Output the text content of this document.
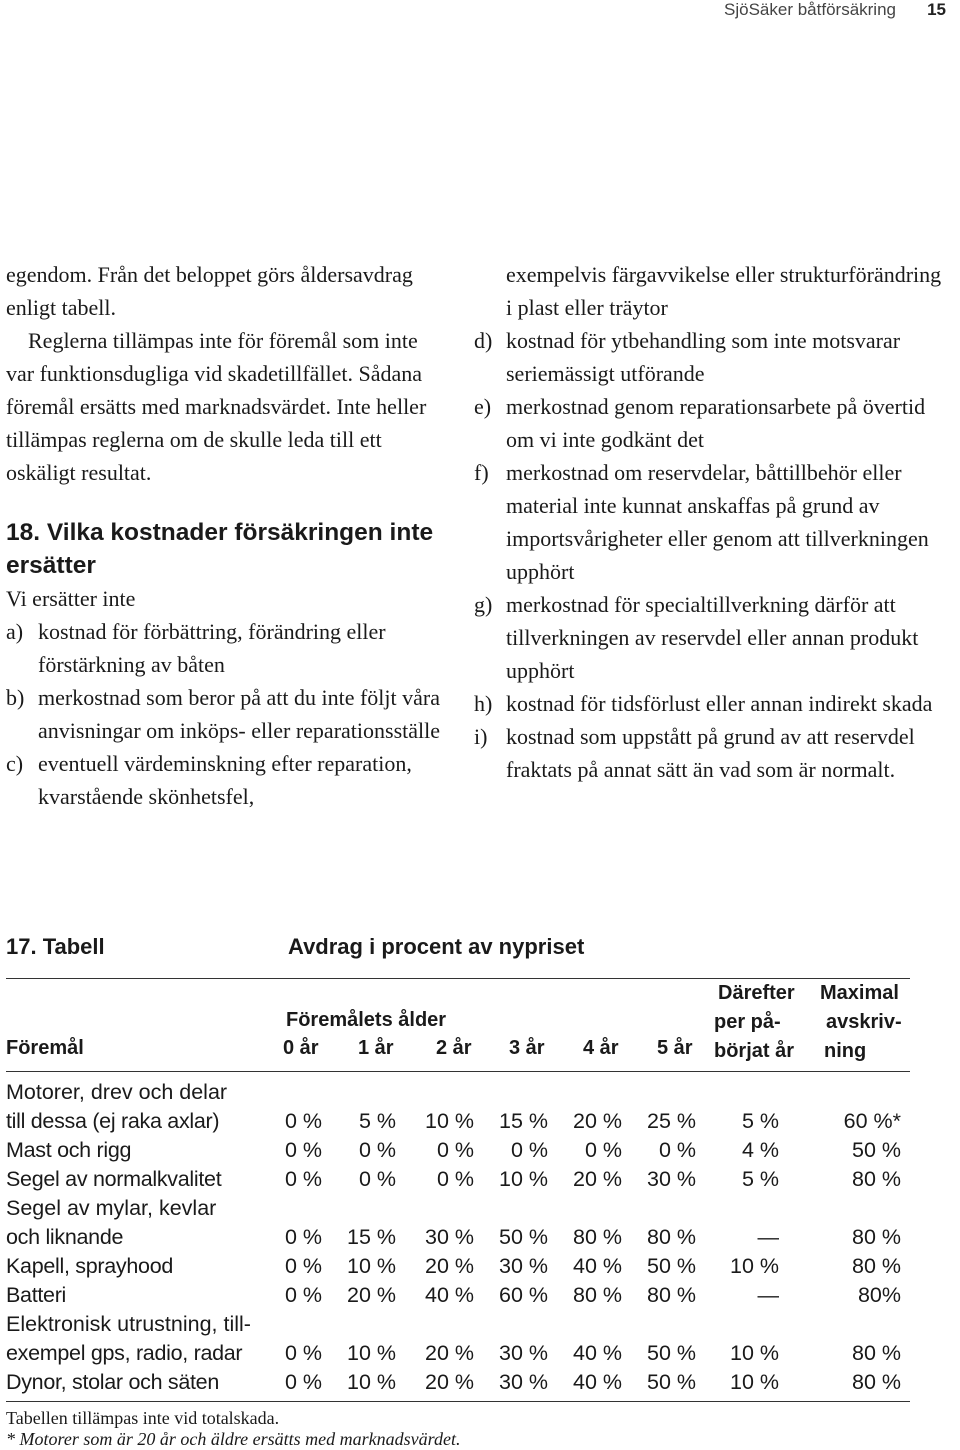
SjöSäker båtförsäkring 15

egendom. Från det beloppet görs åldersavdrag enligt tabell.

Reglerna tillämpas inte för föremål som inte var funktionsdugliga vid skadetillfället. Sådana föremål ersätts med marknadsvärdet. Inte heller tillämpas reglerna om de skulle leda till ett oskäligt resultat.

18. Vilka kostnader försäkringen inte ersätter

Vi ersätter inte

a) kostnad för förbättring, förändring eller förstärkning av båten
b) merkostnad som beror på att du inte följt våra anvisningar om inköps- eller reparationsställe
c) eventuell värdeminskning efter reparation, kvarstående skönhetsfel,
exempelvis färgavvikelse eller strukturförändring i plast eller träytor
d) kostnad för ytbehandling som inte motsvarar seriemässigt utförande
e) merkostnad genom reparationsarbete på övertid om vi inte godkänt det
f) merkostnad om reservdelar, båttillbehör eller material inte kunnat anskaffas på grund av importsvårigheter eller genom att tillverkningen upphört
g) merkostnad för specialtillverkning därför att tillverkningen av reservdel eller annan produkt upphört
h) kostnad för tidsförlust eller annan indirekt skada
i) kostnad som uppstått på grund av att reservdel fraktats på annat sätt än vad som är normalt.
17. Tabell	Avdrag i procent av nypriset
Föremål
Föremålets ålder
0 år 1 år 2 år 3 år 4 år 5 år
Därefter
per på-
börjat år
Maximal
avskriv-
ning
Motorer, drev och delar
till dessa (ej raka axlar)	0 %	5 %	10 %	15 %	20 %	25 %	5 %	60 %*
Mast och rigg	0 %	0 %	0 %	0 %	0 %	0 %	4 %	50 %
Segel av normalkvalitet	0 %	0 %	0 %	10 %	20 %	30 %	5 %	80 %
Segel av mylar, kevlar
och liknande	0 %	15 %	30 %	50 %	80 %	80 %	—	80 %
Kapell, sprayhood	0 %	10 %	20 %	30 %	40 %	50 %	10 %	80 %
Batteri	0 %	20 %	40 %	60 %	80 %	80 %	—	80%
Elektronisk utrustning, till-
exempel gps, radio, radar	0 %	10 %	20 %	30 %	40 %	50 %	10 %	80 %
Dynor, stolar och säten	0 %	10 %	20 %	30 %	40 %	50 %	10 %	80 %
Tabellen tillämpas inte vid totalskada.
* Motorer som är 20 år och äldre ersätts med marknadsvärdet.
